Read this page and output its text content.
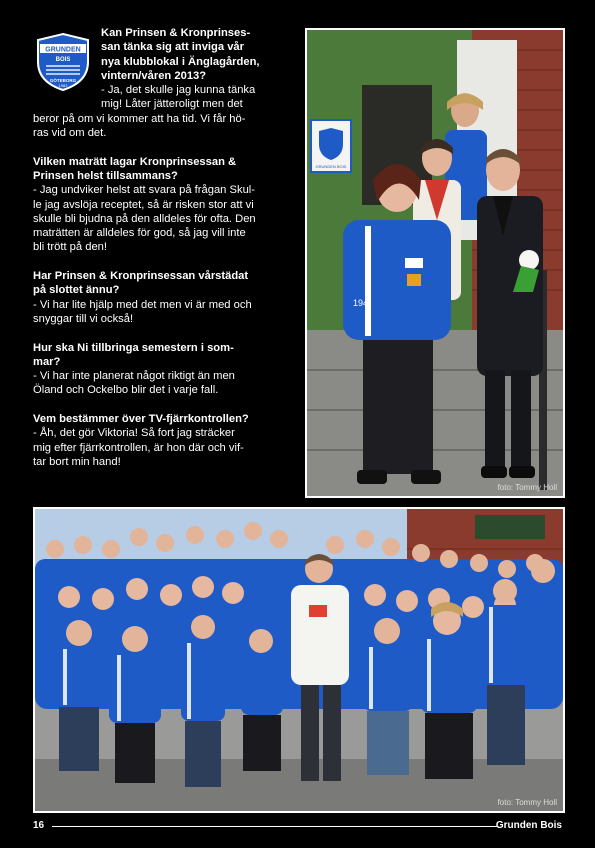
GRUNDEN
BOIS
GÖTEBORG
1982
Kan Prinsen & Kronprinses-
san tänka sig att inviga vår
nya klubblokal i Änglagården,
vintern/våren 2013?
- Ja, det skulle jag kunna tänka
mig! Låter jätteroligt men det
beror på om vi kommer att ha tid. Vi får hö-
ras vid om det.
Vilken maträtt lagar Kronprinsessan &
Prinsen helst tillsammans?
- Jag undviker helst att svara på frågan Skul-
le jag avslöja receptet, så är risken stor att vi
skulle bli bjudna på den alldeles för ofta. Den
maträtten är alldeles för god, så jag vill inte
bli trött på den!
Har Prinsen & Kronprinsessan vårstädat
på slottet ännu?
- Vi har lite hjälp med det men vi är med och
snyggar till vi också!
Hur ska Ni tillbringa semestern i som-
mar?
- Vi har inte planerat något riktigt än men
Öland och Ockelbo blir det i varje fall.
Vem bestämmer över TV-fjärrkontrollen?
- Åh, det gör Viktoria! Så fort jag sträcker
mig efter fjärrkontrollen, är hon där och vif-
tar bort min hand!
GRUNDEN BOIS
194
foto: Tommy Holl
foto: Tommy Holl
16	Grunden Bois
